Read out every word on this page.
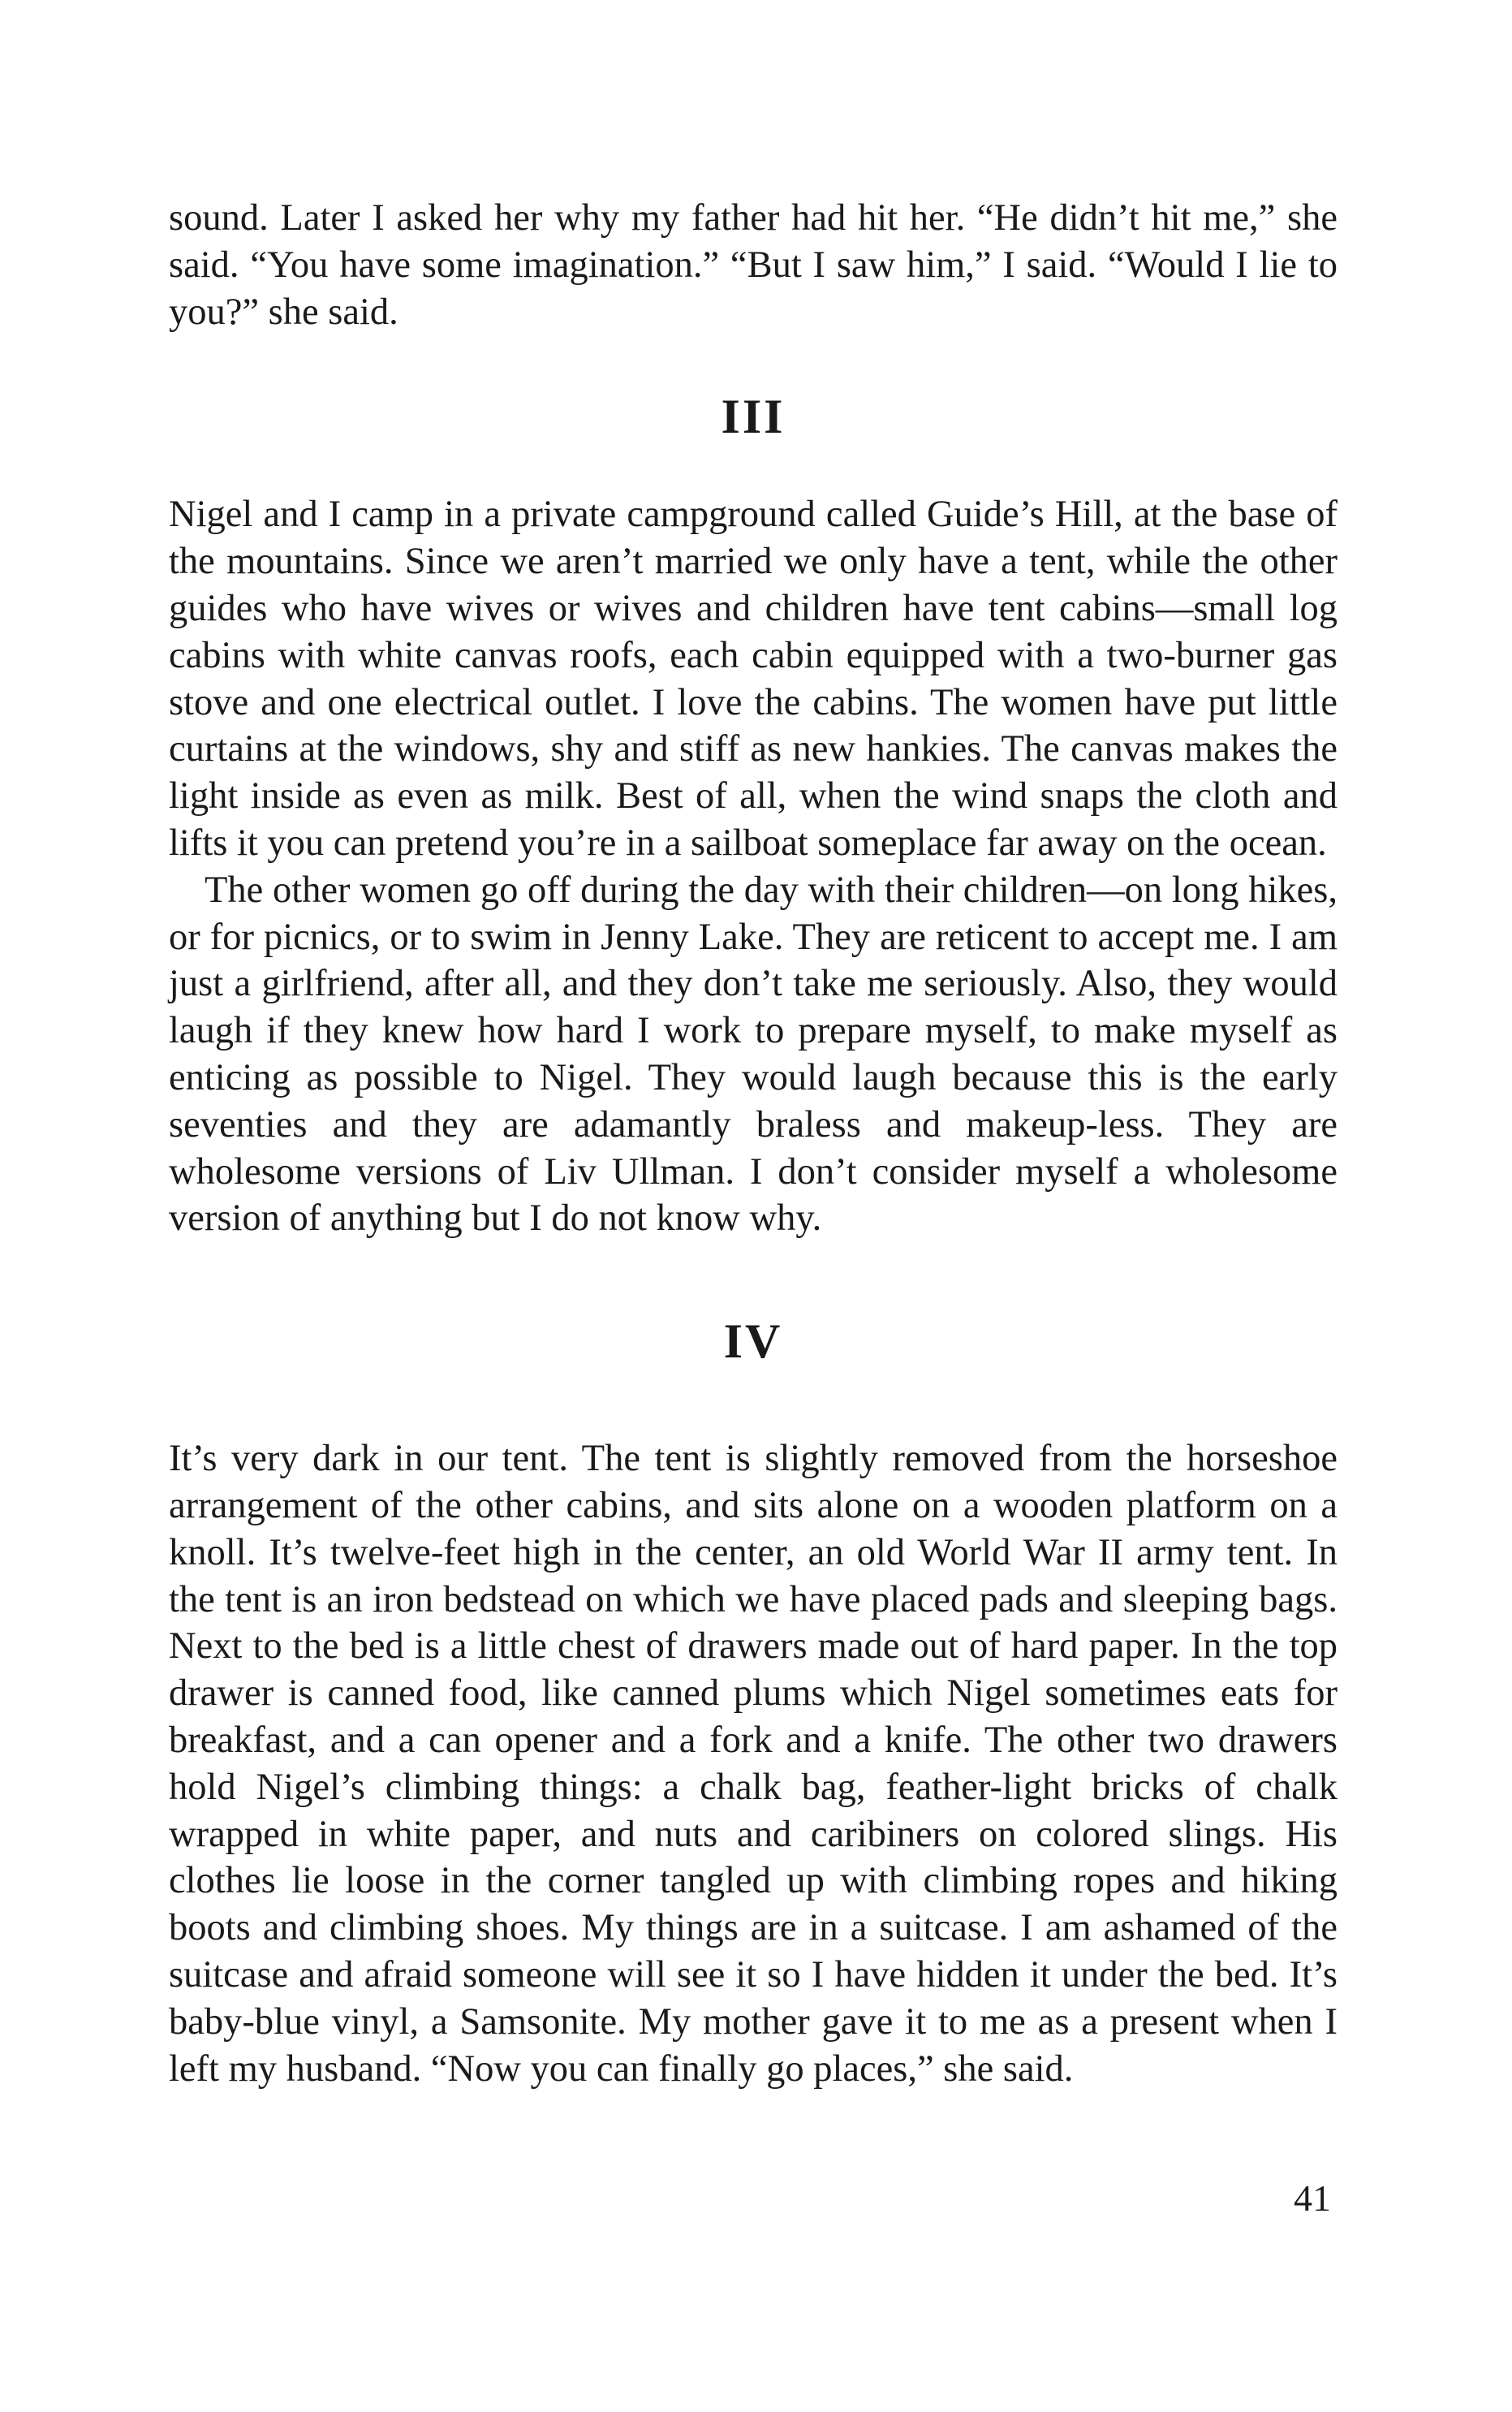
sound. Later I asked her why my father had hit her. “He didn’t hit me,” she said. “You have some imagination.” “But I saw him,” I said. “Would I lie to you?” she said.

III

Nigel and I camp in a private campground called Guide’s Hill, at the base of the mountains. Since we aren’t married we only have a tent, while the other guides who have wives or wives and children have tent cabins—small log cabins with white canvas roofs, each cabin equipped with a two-burner gas stove and one electrical outlet. I love the cabins. The women have put little curtains at the windows, shy and stiff as new hankies. The canvas makes the light inside as even as milk. Best of all, when the wind snaps the cloth and lifts it you can pretend you’re in a sailboat someplace far away on the ocean.

The other women go off during the day with their children—on long hikes, or for picnics, or to swim in Jenny Lake. They are reticent to accept me. I am just a girlfriend, after all, and they don’t take me seriously. Also, they would laugh if they knew how hard I work to prepare myself, to make myself as enticing as possible to Nigel. They would laugh because this is the early seventies and they are adamantly braless and makeup-less. They are wholesome versions of Liv Ullman. I don’t consider myself a wholesome version of anything but I do not know why.

IV

It’s very dark in our tent. The tent is slightly removed from the horseshoe arrangement of the other cabins, and sits alone on a wooden platform on a knoll. It’s twelve-feet high in the center, an old World War II army tent. In the tent is an iron bedstead on which we have placed pads and sleeping bags. Next to the bed is a little chest of drawers made out of hard paper. In the top drawer is canned food, like canned plums which Nigel sometimes eats for breakfast, and a can opener and a fork and a knife. The other two drawers hold Nigel’s climbing things: a chalk bag, feather-light bricks of chalk wrapped in white paper, and nuts and caribiners on colored slings. His clothes lie loose in the corner tangled up with climbing ropes and hiking boots and climbing shoes. My things are in a suitcase. I am ashamed of the suitcase and afraid someone will see it so I have hidden it under the bed. It’s baby-blue vinyl, a Samsonite. My mother gave it to me as a present when I left my husband. “Now you can finally go places,” she said.

41
